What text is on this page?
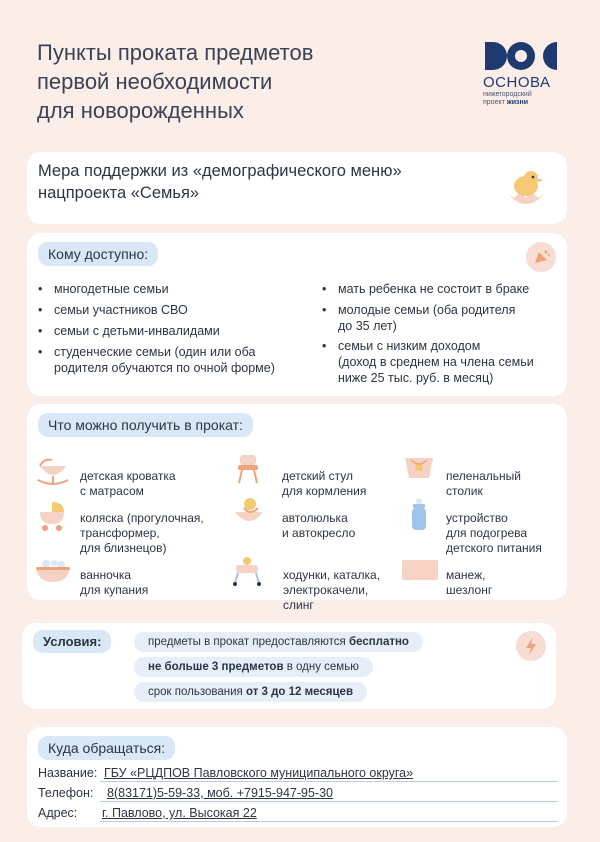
Пункты проката предметов
первой необходимости
для новорожденных
ОСНОВА
нижегородский
проект жизни
Мера поддержки из «демографического меню»
нацпроекта «Семья»
Кому доступно:
• многодетные семьи
• семьи участников СВО
• семьи с детьми-инвалидами
• студенческие семьи (один или оба
родителя обучаются по очной форме)
• мать ребенка не состоит в браке
• молодые семьи (оба родителя
до 35 лет)
• семьи с низким доходом
(доход в среднем на члена семьи
ниже 25 тыс. руб. в месяц)
Что можно получить в прокат:
детская кроватка
с матрасом
детский стул
для кормления
пеленальный
столик
коляска (прогулочная,
трансформер,
для близнецов)
автолюлька
и автокресло
устройство
для подогрева
детского питания
ванночка
для купания
ходунки, каталка,
электрокачели,
слинг
манеж,
шезлонг
Условия:	предметы в прокат предоставляются бесплатно
не больше 3 предметов в одну семью
срок пользования от 3 до 12 месяцев
Куда обращаться:
Название: ГБУ «РЦДПОВ Павловского муниципального округа»
Телефон: 8(83171)5-59-33, моб. +7915-947-95-30
Адрес: г. Павлово, ул. Высокая 22
